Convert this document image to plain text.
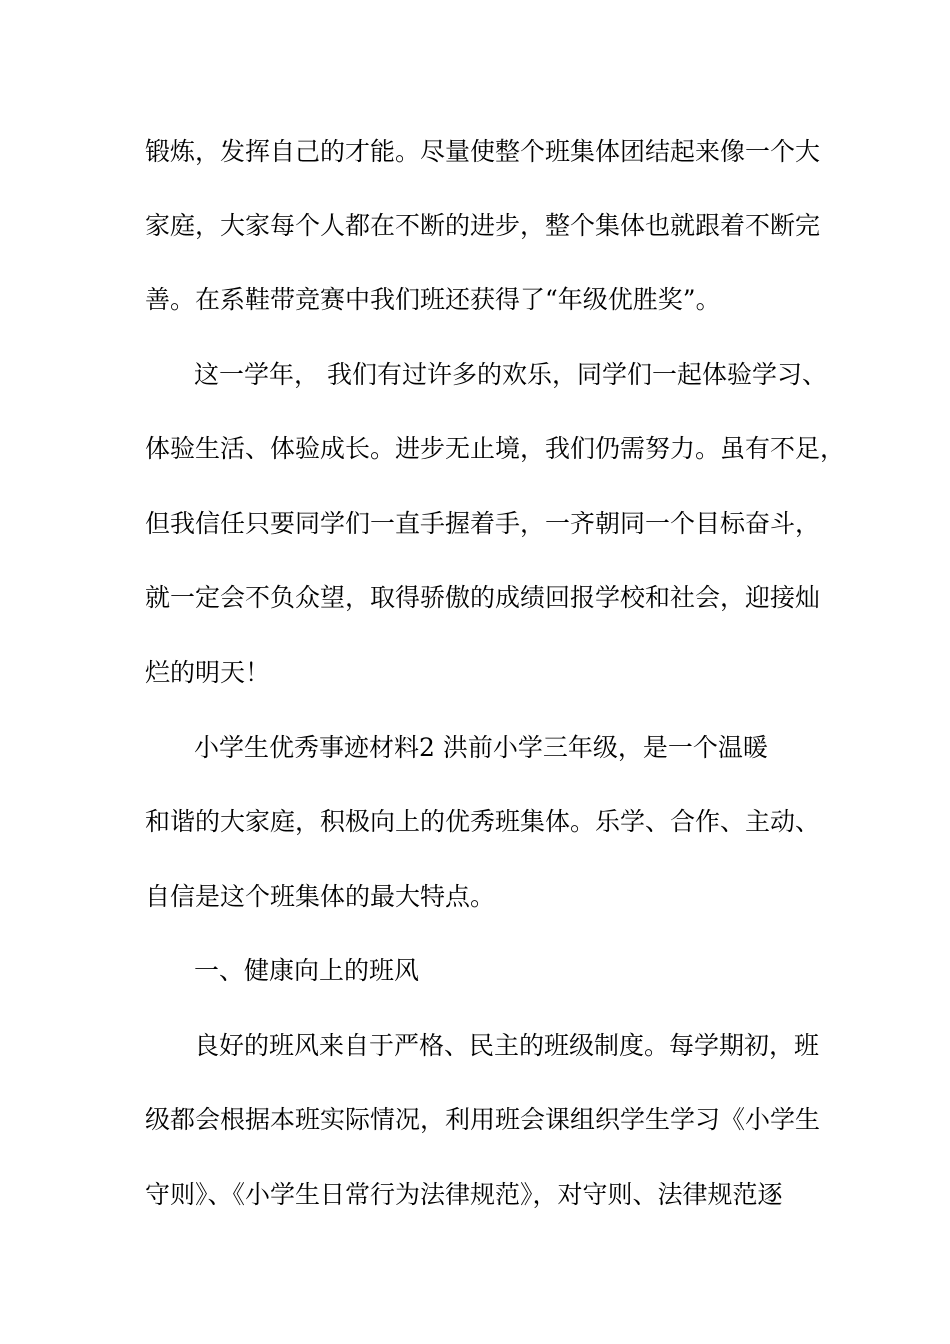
锻炼，发挥自己的才能。尽量使整个班集体团结起来像一个大
家庭，大家每个人都在不断的进步，整个集体也就跟着不断完
善。在系鞋带竞赛中我们班还获得了“年级优胜奖”。
这一学年， 我们有过许多的欢乐，同学们一起体验学习、
体验生活、体验成长。进步无止境，我们仍需努力。虽有不足，
但我信任只要同学们一直手握着手，一齐朝同一个目标奋斗，
就一定会不负众望，取得骄傲的成绩回报学校和社会，迎接灿
烂的明天！
小学生优秀事迹材料2 洪前小学三年级，是一个温暖
和谐的大家庭，积极向上的优秀班集体。乐学、合作、主动、
自信是这个班集体的最大特点。
一、健康向上的班风
良好的班风来自于严格、民主的班级制度。每学期初，班
级都会根据本班实际情况，利用班会课组织学生学习《小学生
守则》、《小学生日常行为法律规范》，对守则、法律规范逐
